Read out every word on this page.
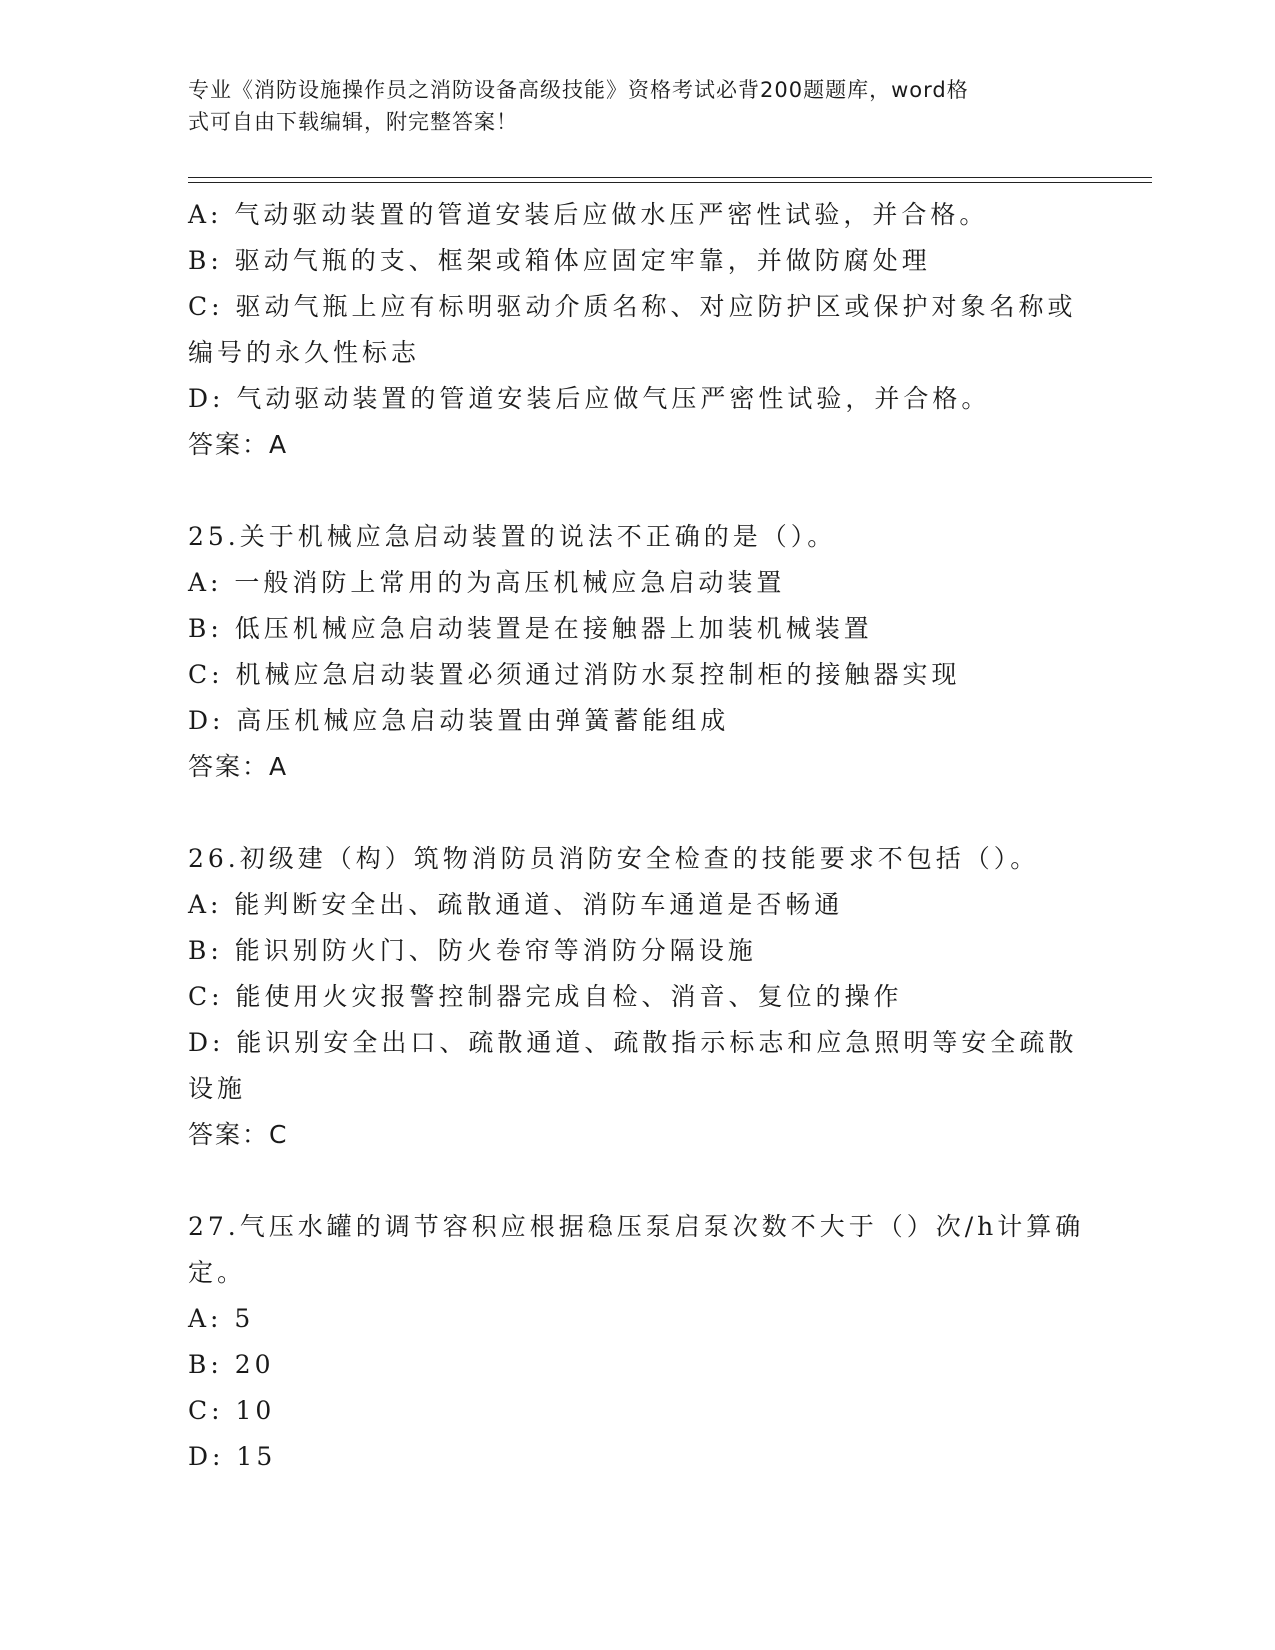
专业《消防设施操作员之消防设备高级技能》资格考试必背200题题库，word格
式可自由下载编辑，附完整答案！
A: 气动驱动装置的管道安装后应做水压严密性试验，并合格。
B: 驱动气瓶的支、框架或箱体应固定牢靠，并做防腐处理
C: 驱动气瓶上应有标明驱动介质名称、对应防护区或保护对象名称或
编号的永久性标志
D: 气动驱动装置的管道安装后应做气压严密性试验，并合格。
答案：A
25.关于机械应急启动装置的说法不正确的是（）。
A: 一般消防上常用的为高压机械应急启动装置
B: 低压机械应急启动装置是在接触器上加装机械装置
C: 机械应急启动装置必须通过消防水泵控制柜的接触器实现
D: 高压机械应急启动装置由弹簧蓄能组成
答案：A
26.初级建（构）筑物消防员消防安全检查的技能要求不包括（）。
A: 能判断安全出、疏散通道、消防车通道是否畅通
B: 能识别防火门、防火卷帘等消防分隔设施
C: 能使用火灾报警控制器完成自检、消音、复位的操作
D: 能识别安全出口、疏散通道、疏散指示标志和应急照明等安全疏散
设施
答案：C
27.气压水罐的调节容积应根据稳压泵启泵次数不大于（）次/h计算确
定。
A: 5
B: 20
C: 10
D: 15
